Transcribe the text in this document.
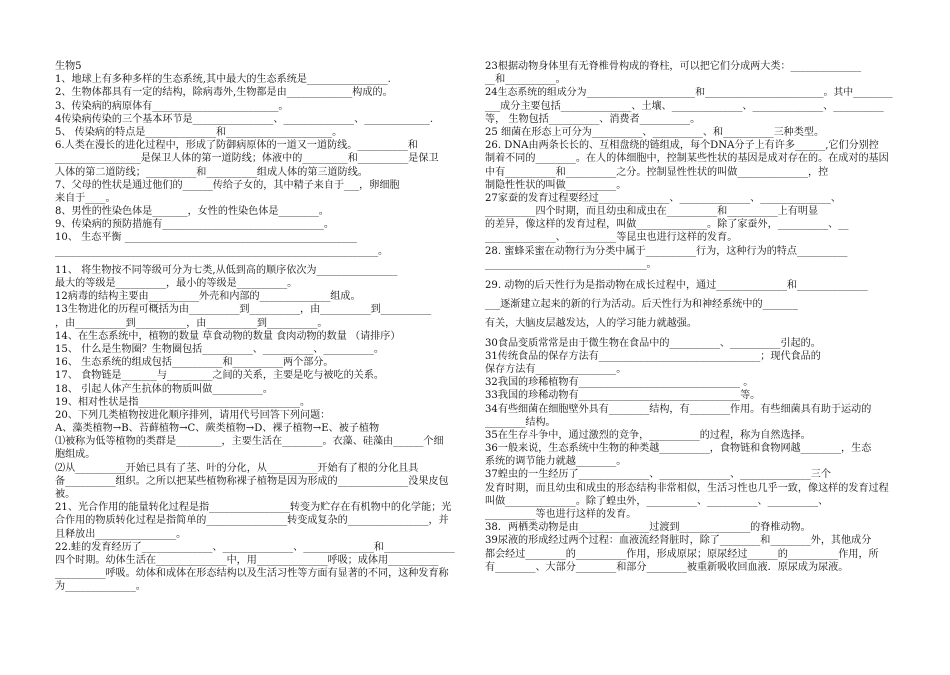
生物5
1、地球上有多种多样的生态系统,其中最大的生态系统是________________.
2、生物体都具有一定的结构，除病毒外,生物都是由_____________构成的。
3、传染病的病原体有_________________________。
4传染病传染的三个基本环节是________________、______________、_____________.
5、 传染病的特点是______________和_____________________。
6.人类在漫长的进化过程中，形成了防御病原体的一道又一道防线。__________和
_________________是保卫人体的第一道防线；体液中的_________和__________是保卫
人体的第二道防线；__________和__________组成人体的第三道防线。
7、父母的性状是通过他们的______传给子女的，其中精子来自于___，卵细胞
来自于____。
8、男性的性染色体是_______，女性的性染色体是________。
9、传染病的预防措施有________________________________。
10、 生态平衡 ______________________________________________
________________________________________________________________。
11、 将生物按不同等级可分为七类,从低到高的顺序依次为________________
最大的等级是__________，最小的等级是__________。
12病毒的结构主要由__________外壳和内部的______________组成。
13生物进化的历程可概括为由__________到__________，由__________到__________
，由__________到__________，由__________到__________。
14、在生态系统中，植物的数量 草食动物的数量 食肉动物的数量 （请排序）
15、 什么是生物圈？生物圈包括__________、__________、__________。
16、 生态系统的组成包括__________和__________两个部分。
17、 食物链是_______与_________之间的关系，主要是吃与被吃的关系。
18、 引起人体产生抗体的物质叫做__________。
19、相对性状是指________________________________。
20、下列几类植物按进化顺序排列，请用代号回答下列问题：
A、藻类植物→B、苔藓植物→C、蕨类植物→D、裸子植物→E、被子植物
⑴被称为低等植物的类群是_________，主要生活在________。衣藻、硅藻由______个细
胞组成。
⑵从__________开始已具有了茎、叶的分化，从__________开始有了根的分化且具
备__________组织。之所以把某些植物称裸子植物是因为形成的______________没果皮包
被。
21、光合作用的能量转化过程是指________________转变为贮存在有机物中的化学能；光
合作用的物质转化过程是指简单的________________转变成复杂的________________，并
且释放出________________。
22.蛙的发育经历了______________、______________、______________和______________
四个时期。幼体生活在______________中，用______________呼吸；成体用__________
__________呼吸。幼体和成体在形态结构以及生活习性等方面有显著的不同，这种发育称
为______________。
23根据动物身体里有无脊椎骨构成的脊柱，可以把它们分成两大类：______________
__和__________。
24生态系统的组成分为______________________和________________________。其中________
___成分主要包括______________、土壤、______________、______________、__________
等， 生物包括__________、消费者__________。
25 细菌在形态上可分为__________、__________、和__________三种类型。
26. DNA由两条长长的、互相盘绕的链组成，每个DNA分子上有许多______,它们分别控
制着不同的________。在人的体细胞中，控制某些性状的基因是成对存在的。在成对的基因
中有__________和__________之分。控制显性性状的叫做______________，控
制隐性性状的叫做__________。
27家蚕的发育过程要经过______________、______________、______________、
__________四个时期，而且幼虫和成虫在__________和__________上有明显
的差异，像这样的发育过程，叫做______________。除了家蚕外，__________、__
______________、__________等昆虫也进行这样的发育。
28. 蜜蜂采蜜在动物行为分类中属于__________行为，这种行为的特点__________
________________________________。
29. 动物的后天性行为是指动物在成长过程中，通过______________和______________
___逐渐建立起来的新的行为活动。后天性行为和神经系统中的_______
有关，大脑皮层越发达，人的学习能力就越强。
30食品变质常常是由于微生物在食品中的__________、__________引起的。
31传统食品的保存方法有________________________________；现代食品的
保存方法有________________。
32我国的珍稀植物有________________________________ 。
33我国的珍稀动物有________________________________等。
34有些细菌在细胞壁外具有________结构，有________作用。有些细菌具有助于运动的
________结构。
35在生存斗争中，通过激烈的竞争，__________的过程，称为自然选择。
36一般来说，生态系统中生物的种类越__________，食物链和食物网越________，生态
系统的调节能力就越________。
37蝗虫的一生经历了______________、______________、______________三个
发育时期，而且幼虫和成虫的形态结构非常相似，生活习性也几乎一致，像这样的发育过程
叫做______________。除了蝗虫外，__________、__________、__________、
__________等也进行这样的发育。
38．两栖类动物是由______________过渡到______________的脊椎动物。
39尿液的形成经过两个过程：血液流经肾脏时，除了________和________外，其他成分
都会经过________的__________作用，形成原尿；原尿经过______的__________作用，所
有________、大部分________和部分________被重新吸收回血液．原尿成为尿液。
